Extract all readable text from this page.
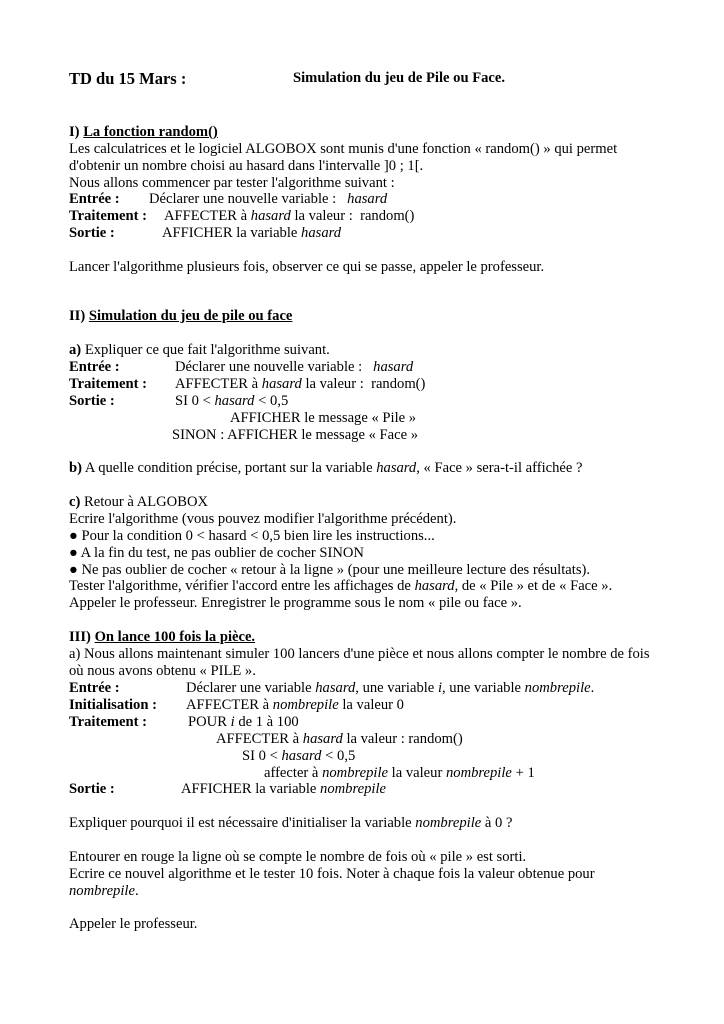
TD du 15 Mars :	Simulation du jeu de Pile ou Face.
I) La fonction random()
Les calculatrices et le logiciel ALGOBOX sont munis d'une fonction « random() » qui permet
d'obtenir un nombre choisi au hasard dans l'intervalle ]0 ; 1[.
Nous allons commencer par tester l'algorithme suivant :
Entrée : Déclarer une nouvelle variable : hasard
Traitement : AFFECTER à hasard la valeur : random()
Sortie :	AFFICHER la variable hasard
Lancer l'algorithme plusieurs fois, observer ce qui se passe, appeler le professeur.
II) Simulation du jeu de pile ou face
a) Expliquer ce que fait l'algorithme suivant.
Entrée :	Déclarer une nouvelle variable : hasard
Traitement : AFFECTER à hasard la valeur : random()
Sortie :	SI 0 < hasard < 0,5
AFFICHER le message « Pile »
SINON : AFFICHER le message « Face »
b) A quelle condition précise, portant sur la variable hasard, « Face » sera-t-il affichée ?
c) Retour à ALGOBOX
Ecrire l'algorithme (vous pouvez modifier l'algorithme précédent).
● Pour la condition 0 < hasard < 0,5 bien lire les instructions...
● A la fin du test, ne pas oublier de cocher SINON
● Ne pas oublier de cocher « retour à la ligne » (pour une meilleure lecture des résultats).
Tester l'algorithme, vérifier l'accord entre les affichages de hasard, de « Pile » et de « Face ».
Appeler le professeur. Enregistrer le programme sous le nom « pile ou face ».
III) On lance 100 fois la pièce.
a) Nous allons maintenant simuler 100 lancers d'une pièce et nous allons compter le nombre de fois
où nous avons obtenu « PILE ».
Entrée :	Déclarer une variable hasard, une variable i, une variable nombrepile.
Initialisation : AFFECTER à nombrepile la valeur 0
Traitement :	POUR i de 1 à 100
AFFECTER à hasard la valeur : random()
SI 0 < hasard < 0,5
affecter à nombrepile la valeur nombrepile + 1
Sortie :	AFFICHER la variable nombrepile
Expliquer pourquoi il est nécessaire d'initialiser la variable nombrepile à 0 ?
Entourer en rouge la ligne où se compte le nombre de fois où « pile » est sorti.
Ecrire ce nouvel algorithme et le tester 10 fois. Noter à chaque fois la valeur obtenue pour
nombrepile.
Appeler le professeur.
